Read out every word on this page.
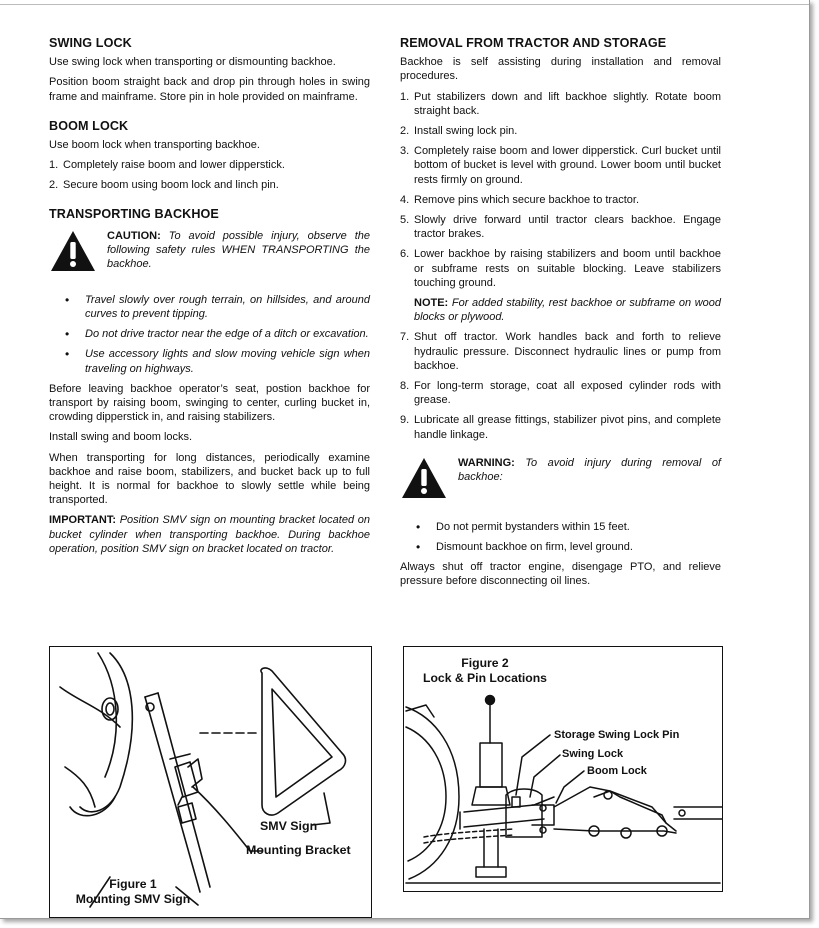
SWING LOCK

Use swing lock when transporting or dismounting backhoe.

Position boom straight back and drop pin through holes in swing frame and mainframe. Store pin in hole provided on mainframe.

BOOM LOCK

Use boom lock when transporting backhoe.

1. Completely raise boom and lower dipperstick.
2. Secure boom using boom lock and linch pin.
TRANSPORTING BACKHOE
CAUTION: To avoid possible injury, observe the following safety rules WHEN TRANSPORTING the backhoe.
• Travel slowly over rough terrain, on hillsides, and around curves to prevent tipping.
• Do not drive tractor near the edge of a ditch or excavation.
• Use accessory lights and slow moving vehicle sign when traveling on highways.

Before leaving backhoe operator’s seat, postion backhoe for transport by raising boom, swinging to center, curling bucket in, crowding dipperstick in, and raising stabilizers.

Install swing and boom locks.

When transporting for long distances, periodically examine backhoe and raise boom, stabilizers, and bucket back up to full height. It is normal for backhoe to slowly settle while being transported.

IMPORTANT: Position SMV sign on mounting bracket located on bucket cylinder when transporting backhoe. During backhoe operation, position SMV sign on bracket located on tractor.

REMOVAL FROM TRACTOR AND STORAGE

Backhoe is self assisting during installation and removal procedures.

1. Put stabilizers down and lift backhoe slightly. Rotate boom straight back.
2. Install swing lock pin.
3. Completely raise boom and lower dipperstick. Curl bucket until bottom of bucket is level with ground. Lower boom until bucket rests firmly on ground.
4. Remove pins which secure backhoe to tractor.
5. Slowly drive forward until tractor clears backhoe. Engage tractor brakes.
6. Lower backhoe by raising stabilizers and boom until backhoe or subframe rests on suitable blocking. Leave stabilizers touching ground.
NOTE: For added stability, rest backhoe or subframe on wood blocks or plywood.
7. Shut off tractor. Work handles back and forth to relieve hydraulic pressure. Disconnect hydraulic lines or pump from backhoe.
8. For long-term storage, coat all exposed cylinder rods with grease.
9. Lubricate all grease fittings, stabilizer pivot pins, and complete handle linkage.
WARNING: To avoid injury during removal of backhoe:
• Do not permit bystanders within 15 feet.
• Dismount backhoe on firm, level ground.

Always shut off tractor engine, disengage PTO, and relieve pressure before disconnecting oil lines.

SMV Sign
Mounting Bracket
Figure 1
Mounting SMV Sign
Storage Swing Lock Pin
Swing Lock
Boom Lock
Figure 2
Lock & Pin Locations
